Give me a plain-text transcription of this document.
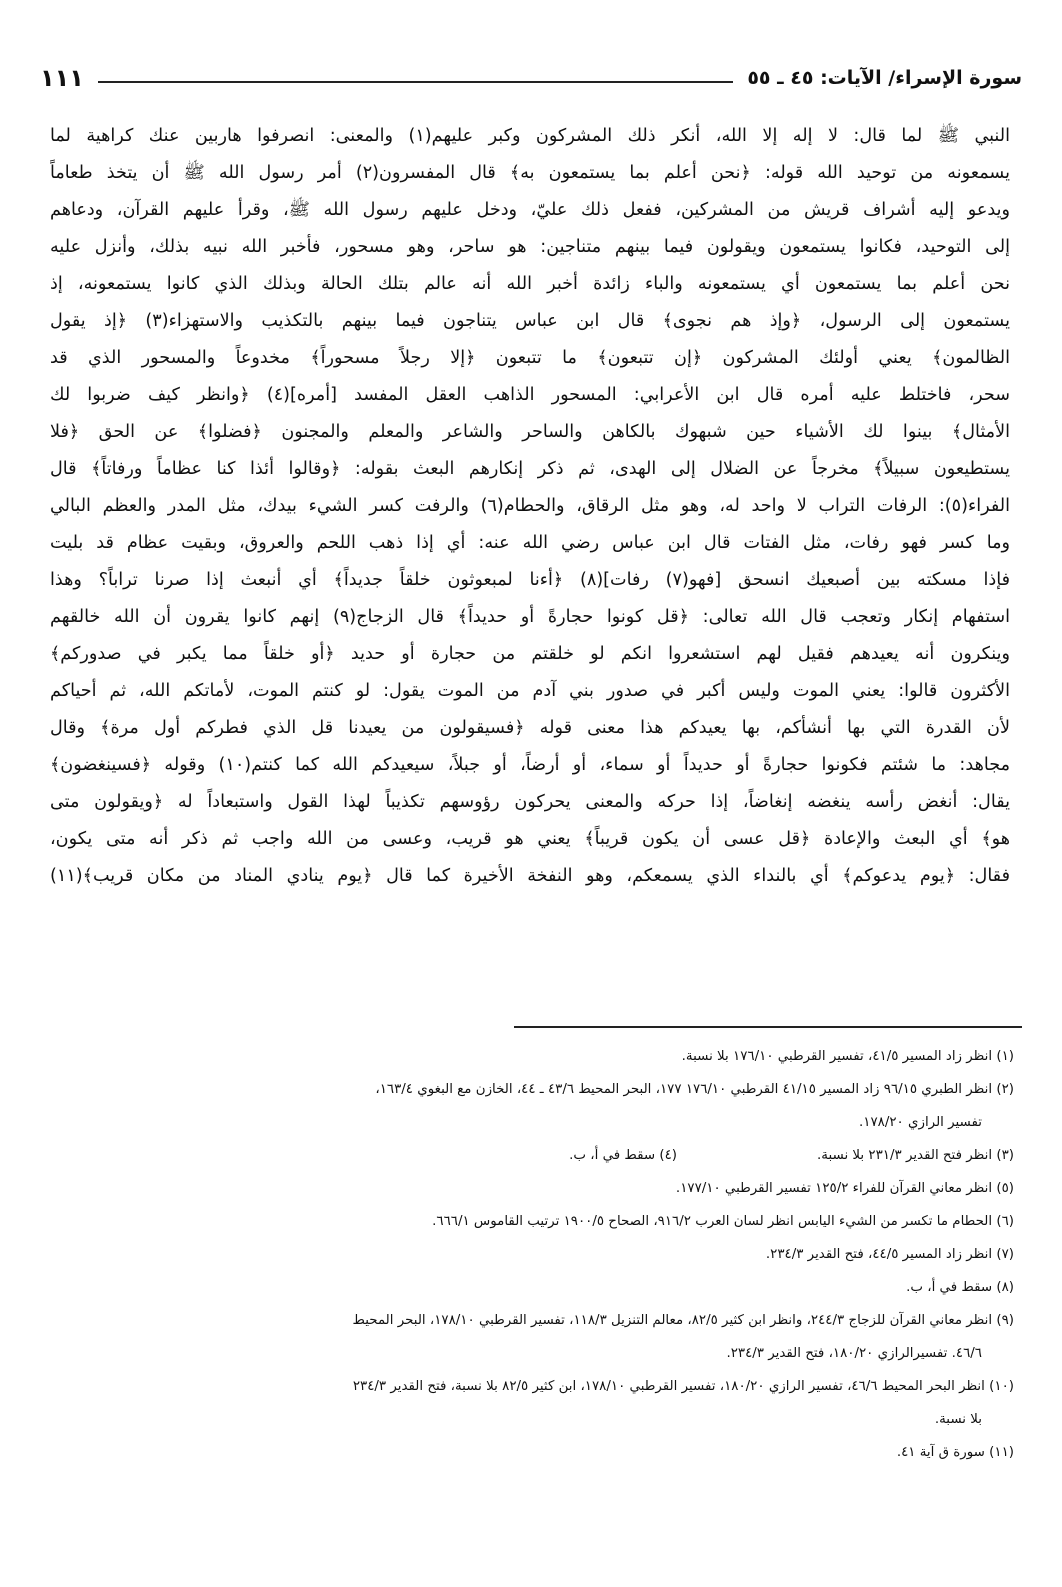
سورة الإسراء/ الآيات: ٤٥ ـ ٥٥
١١١
النبي ﷺ لما قال: لا إله إلا الله، أنكر ذلك المشركون وكبر عليهم(١) والمعنى: انصرفوا هاربين عنك كراهية لما
يسمعونه من توحيد الله قوله: ﴿نحن أعلم بما يستمعون به﴾ قال المفسرون(٢) أمر رسول الله ﷺ أن يتخذ طعاماً
ويدعو إليه أشراف قريش من المشركين، ففعل ذلك عليّ، ودخل عليهم رسول الله ﷺ، وقرأ عليهم القرآن، ودعاهم
إلى التوحيد، فكانوا يستمعون ويقولون فيما بينهم متناجين: هو ساحر، وهو مسحور، فأخبر الله نبيه بذلك، وأنزل عليه
نحن أعلم بما يستمعون أي يستمعونه والباء زائدة أخبر الله أنه عالم بتلك الحالة وبذلك الذي كانوا يستمعونه، إذ
يستمعون إلى الرسول، ﴿وإذ هم نجوى﴾ قال ابن عباس يتناجون فيما بينهم بالتكذيب والاستهزاء(٣) ﴿إذ يقول
الظالمون﴾ يعني أولئك المشركون ﴿إن تتبعون﴾ ما تتبعون ﴿إلا رجلاً مسحوراً﴾ مخدوعاً والمسحور الذي قد
سحر، فاختلط عليه أمره قال ابن الأعرابي: المسحور الذاهب العقل المفسد [أمره](٤) ﴿وانظر كيف ضربوا لك
الأمثال﴾ بينوا لك الأشياء حين شبهوك بالكاهن والساحر والشاعر والمعلم والمجنون ﴿فضلوا﴾ عن الحق ﴿فلا
يستطيعون سبيلاً﴾ مخرجاً عن الضلال إلى الهدى، ثم ذكر إنكارهم البعث بقوله: ﴿وقالوا أئذا كنا عظاماً ورفاتاً﴾ قال
الفراء(٥): الرفات التراب لا واحد له، وهو مثل الرقاق، والحطام(٦) والرفت كسر الشيء بيدك، مثل المدر والعظم البالي
وما كسر فهو رفات، مثل الفتات قال ابن عباس رضي الله عنه: أي إذا ذهب اللحم والعروق، وبقيت عظام قد بليت
فإذا مسكته بين أصبعيك انسحق [فهو(٧) رفات](٨) ﴿أءنا لمبعوثون خلقاً جديداً﴾ أي أنبعث إذا صرنا تراباً؟ وهذا
استفهام إنكار وتعجب قال الله تعالى: ﴿قل كونوا حجارةً أو حديداً﴾ قال الزجاج(٩) إنهم كانوا يقرون أن الله خالقهم
وينكرون أنه يعيدهم فقيل لهم استشعروا انكم لو خلقتم من حجارة أو حديد ﴿أو خلقاً مما يكبر في صدوركم﴾
الأكثرون قالوا: يعني الموت وليس أكبر في صدور بني آدم من الموت يقول: لو كنتم الموت، لأماتكم الله، ثم أحياكم
لأن القدرة التي بها أنشأكم، بها يعيدكم هذا معنى قوله ﴿فسيقولون من يعيدنا قل الذي فطركم أول مرة﴾ وقال
مجاهد: ما شئتم فكونوا حجارةً أو حديداً أو سماء، أو أرضاً، أو جبلاً، سيعيدكم الله كما كنتم(١٠) وقوله ﴿فسينغضون﴾
يقال: أنغض رأسه ينغضه إنغاضاً، إذا حركه والمعنى يحركون رؤوسهم تكذيباً لهذا القول واستبعاداً له ﴿ويقولون متى
هو﴾ أي البعث والإعادة ﴿قل عسى أن يكون قريباً﴾ يعني هو قريب، وعسى من الله واجب ثم ذكر أنه متى يكون،
فقال: ﴿يوم يدعوكم﴾ أي بالنداء الذي يسمعكم، وهو النفخة الأخيرة كما قال ﴿يوم ينادي المناد من مكان قريب﴾(١١)
(١) انظر زاد المسير ٤١/٥، تفسير القرطبي ١٧٦/١٠ بلا نسبة.
(٢) انظر الطبري ٩٦/١٥ زاد المسير ٤١/١٥ القرطبي ١٧٦/١٠ ١٧٧، البحر المحيط ٤٣/٦ ـ ٤٤، الخازن مع البغوي ١٦٣/٤،
تفسير الرازي ١٧٨/٢٠.
(٣) انظر فتح القدير ٢٣١/٣ بلا نسبة.
(٤) سقط في أ، ب.
(٥) انظر معاني القرآن للفراء ١٢٥/٢ تفسير القرطبي ١٧٧/١٠.
(٦) الحطام ما تكسر من الشيء اليابس انظر لسان العرب ٩١٦/٢، الصحاح ١٩٠٠/٥ ترتيب القاموس ٦٦٦/١.
(٧) انظر زاد المسير ٤٤/٥، فتح القدير ٢٣٤/٣.
(٨) سقط في أ، ب.
(٩) انظر معاني القرآن للزجاج ٢٤٤/٣، وانظر ابن كثير ٨٢/٥، معالم التنزيل ١١٨/٣، تفسير القرطبي ١٧٨/١٠، البحر المحيط
٤٦/٦. تفسيرالرازي ١٨٠/٢٠، فتح القدير ٢٣٤/٣.
(١٠) انظر البحر المحيط ٤٦/٦، تفسير الرازي ١٨٠/٢٠، تفسير القرطبي ١٧٨/١٠، ابن كثير ٨٢/٥ بلا نسبة، فتح القدير ٢٣٤/٣
بلا نسبة.
(١١) سورة ق آية ٤١.
